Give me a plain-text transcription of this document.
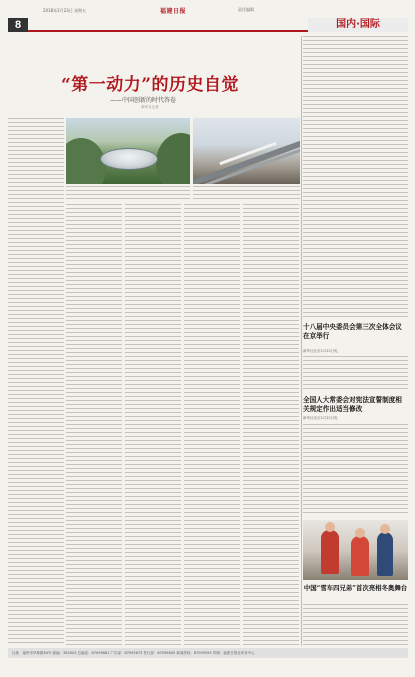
2018年2月23日 星期五	福建日报	责任编辑
8	国内·国际
“第一动力”的历史自觉
——中国创新的时代答卷
新华社记者
十八届中央委员会第三次全体会议在京举行
新华社北京2月22日电
全国人大常委会对宪法宣誓制度相关规定作出适当修改
新华社北京2月22日电
中国“雪车四兄弟”首次亮相冬奥舞台
社址：福州市华林路84号 邮编：350003 总编室：87095661 广告部：87095673 发行部：87095600 新闻热线：87095555 印刷：福建日报社印务中心
